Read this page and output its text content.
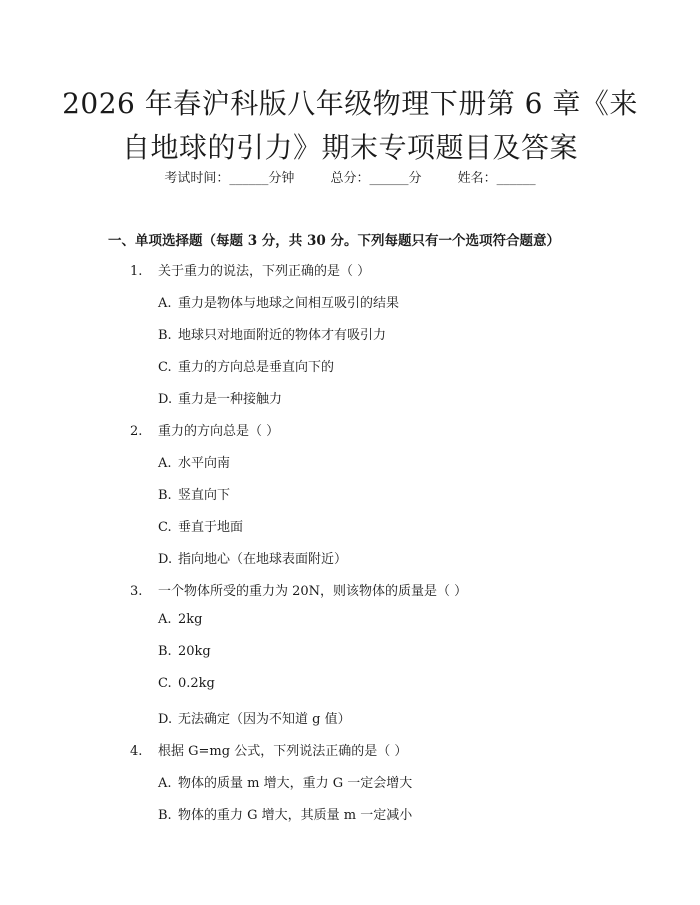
2026 年春沪科版八年级物理下册第 6 章《来自地球的引力》期末专项题目及答案
考试时间：______分钟	总分：______分	姓名：______
一、单项选择题（每题 3 分，共 30 分。下列每题只有一个选项符合题意）
1. 关于重力的说法，下列正确的是（ ）
A. 重力是物体与地球之间相互吸引的结果
B. 地球只对地面附近的物体才有吸引力
C. 重力的方向总是垂直向下的
D. 重力是一种接触力
2. 重力的方向总是（ ）
A. 水平向南
B. 竖直向下
C. 垂直于地面
D. 指向地心（在地球表面附近）
3. 一个物体所受的重力为 20N，则该物体的质量是（ ）
A. 2kg
B. 20kg
C. 0.2kg
D. 无法确定（因为不知道 g 值）
4. 根据 G=mg 公式，下列说法正确的是（ ）
A. 物体的质量 m 增大，重力 G 一定会增大
B. 物体的重力 G 增大，其质量 m 一定减小
